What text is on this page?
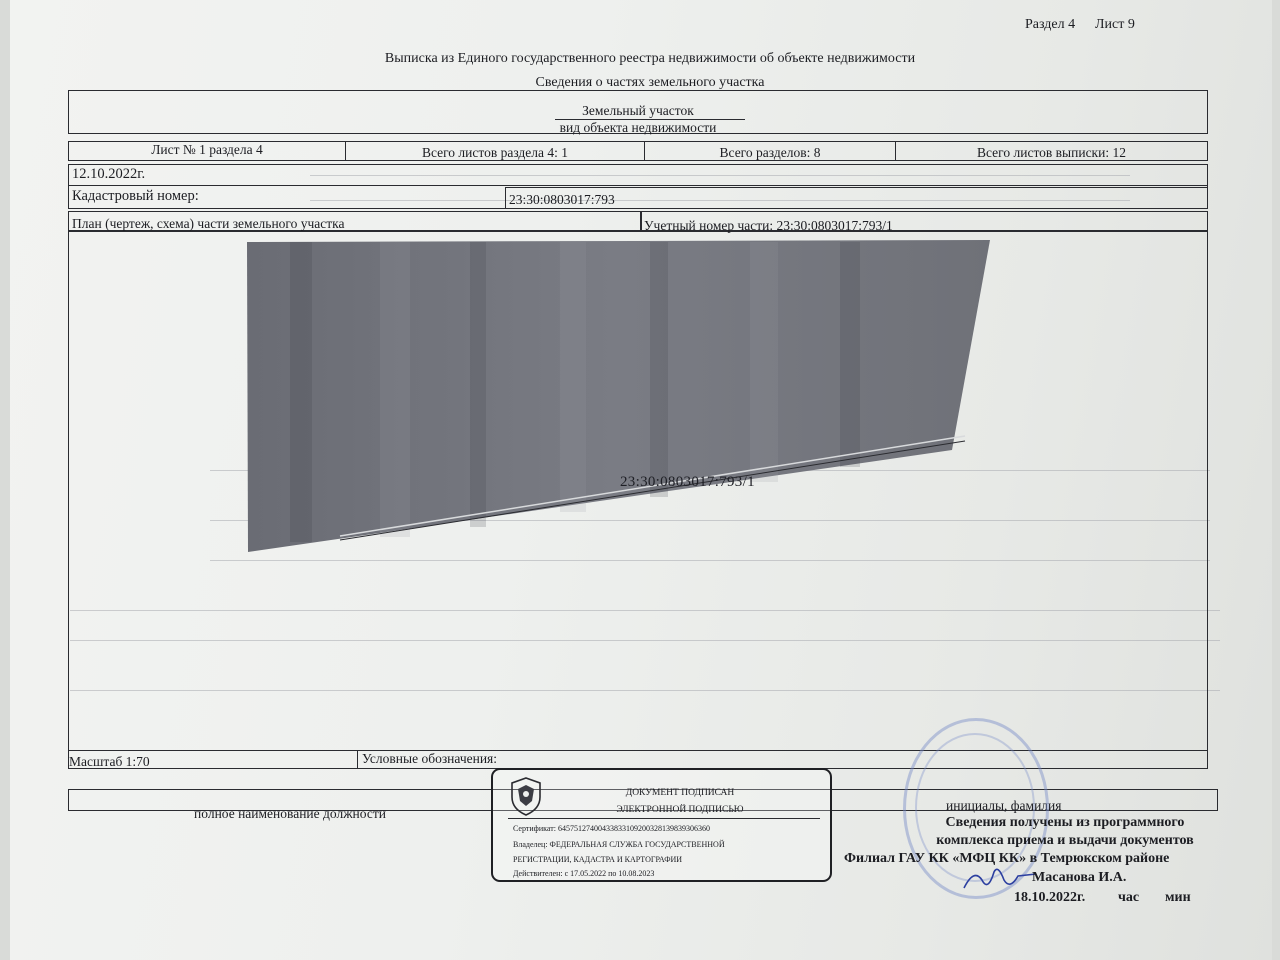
Раздел 4 Лист 9
Выписка из Единого государственного реестра недвижимости об объекте недвижимости
Сведения о частях земельного участка
Земельный участок
вид объекта недвижимости
Лист № 1 раздела 4	Всего листов раздела 4: 1	Всего разделов: 8	Всего листов выписки: 12
12.10.2022г.
Кадастровый номер:	23:30:0803017:793
План (чертеж, схема) части земельного участка	Учетный номер части: 23:30:0803017:793/1
23:30:0803017:793/1
Масштаб 1:70	Условные обозначения:
полное наименование должности
инициалы, фамилия
ДОКУМЕНТ ПОДПИСАН
ЭЛЕКТРОННОЙ ПОДПИСЬЮ
Сертификат: 6457512740043383310920032813983930636​0
Владелец: ФЕДЕРАЛЬНАЯ СЛУЖБА ГОСУДАРСТВЕННОЙ
РЕГИСТРАЦИИ, КАДАСТРА И КАРТОГРАФИИ
Действителен: с 17.05.2022 по 10.08.2023
Сведения получены из программного
комплекса приема и выдачи документов
Филиал ГАУ КК «МФЦ КК» в Темрюкском районе
Масанова И.А.
18.10.2022г. час мин
